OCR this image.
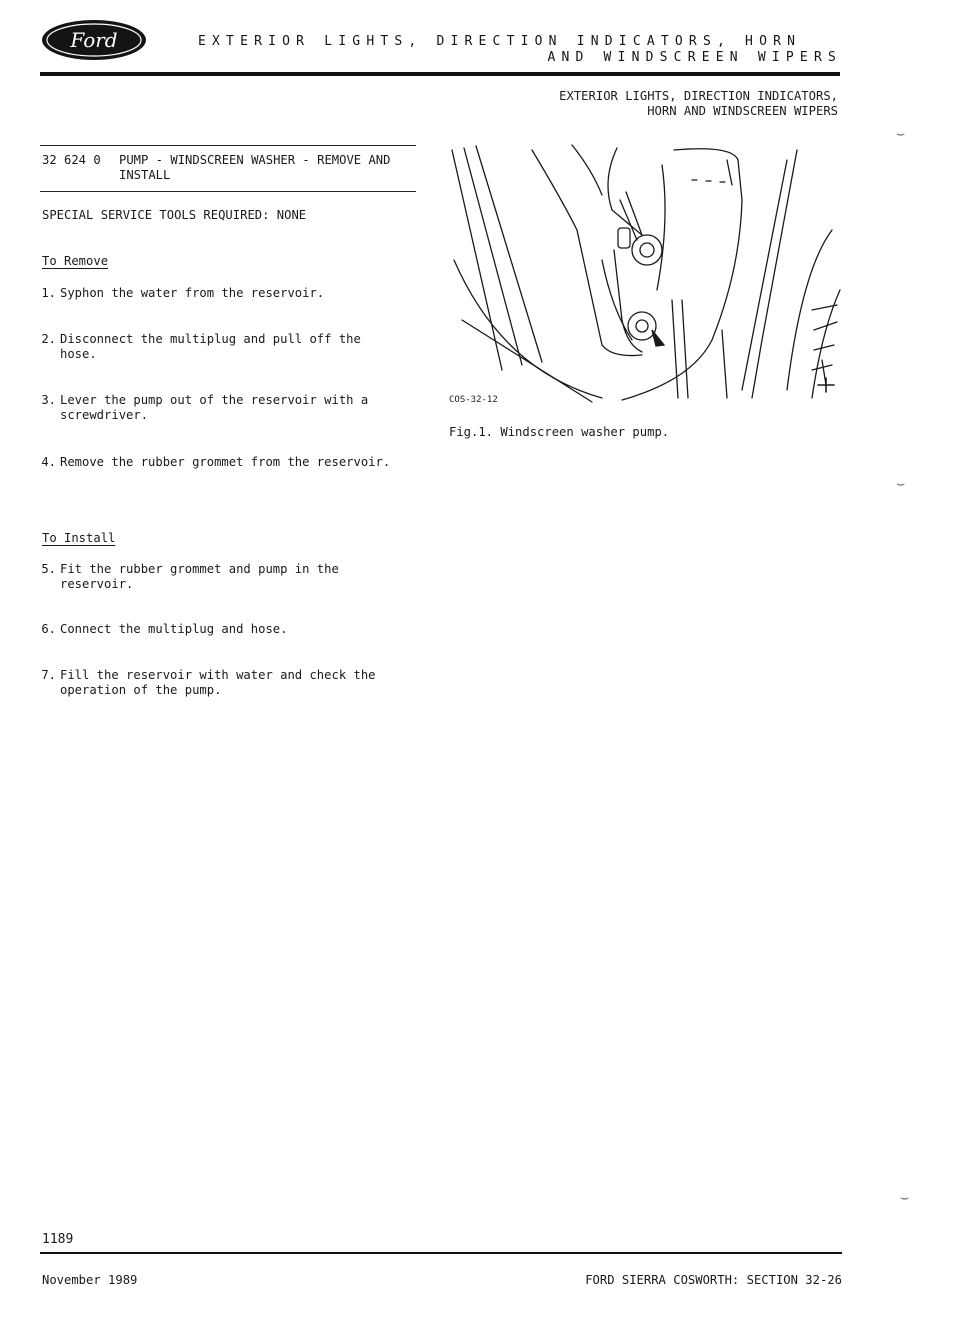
Ford	EXTERIOR LIGHTS, DIRECTION INDICATORS, HORN
AND WINDSCREEN WIPERS
EXTERIOR LIGHTS, DIRECTION INDICATORS,
HORN AND WINDSCREEN WIPERS
32 624 0 PUMP - WINDSCREEN WASHER - REMOVE AND
INSTALL
SPECIAL SERVICE TOOLS REQUIRED: NONE
To Remove
1. Syphon the water from the reservoir.
2. Disconnect the multiplug and pull off the
hose.
3. Lever the pump out of the reservoir with a
screwdriver.
4. Remove the rubber grommet from the reservoir.
To Install
5. Fit the rubber grommet and pump in the
reservoir.
6. Connect the multiplug and hose.
7. Fill the reservoir with water and check the
operation of the pump.
COS-32-12
Fig.1. Windscreen washer pump.
⌣
⌣
⌣
1189
November 1989	FORD SIERRA COSWORTH: SECTION 32-26
